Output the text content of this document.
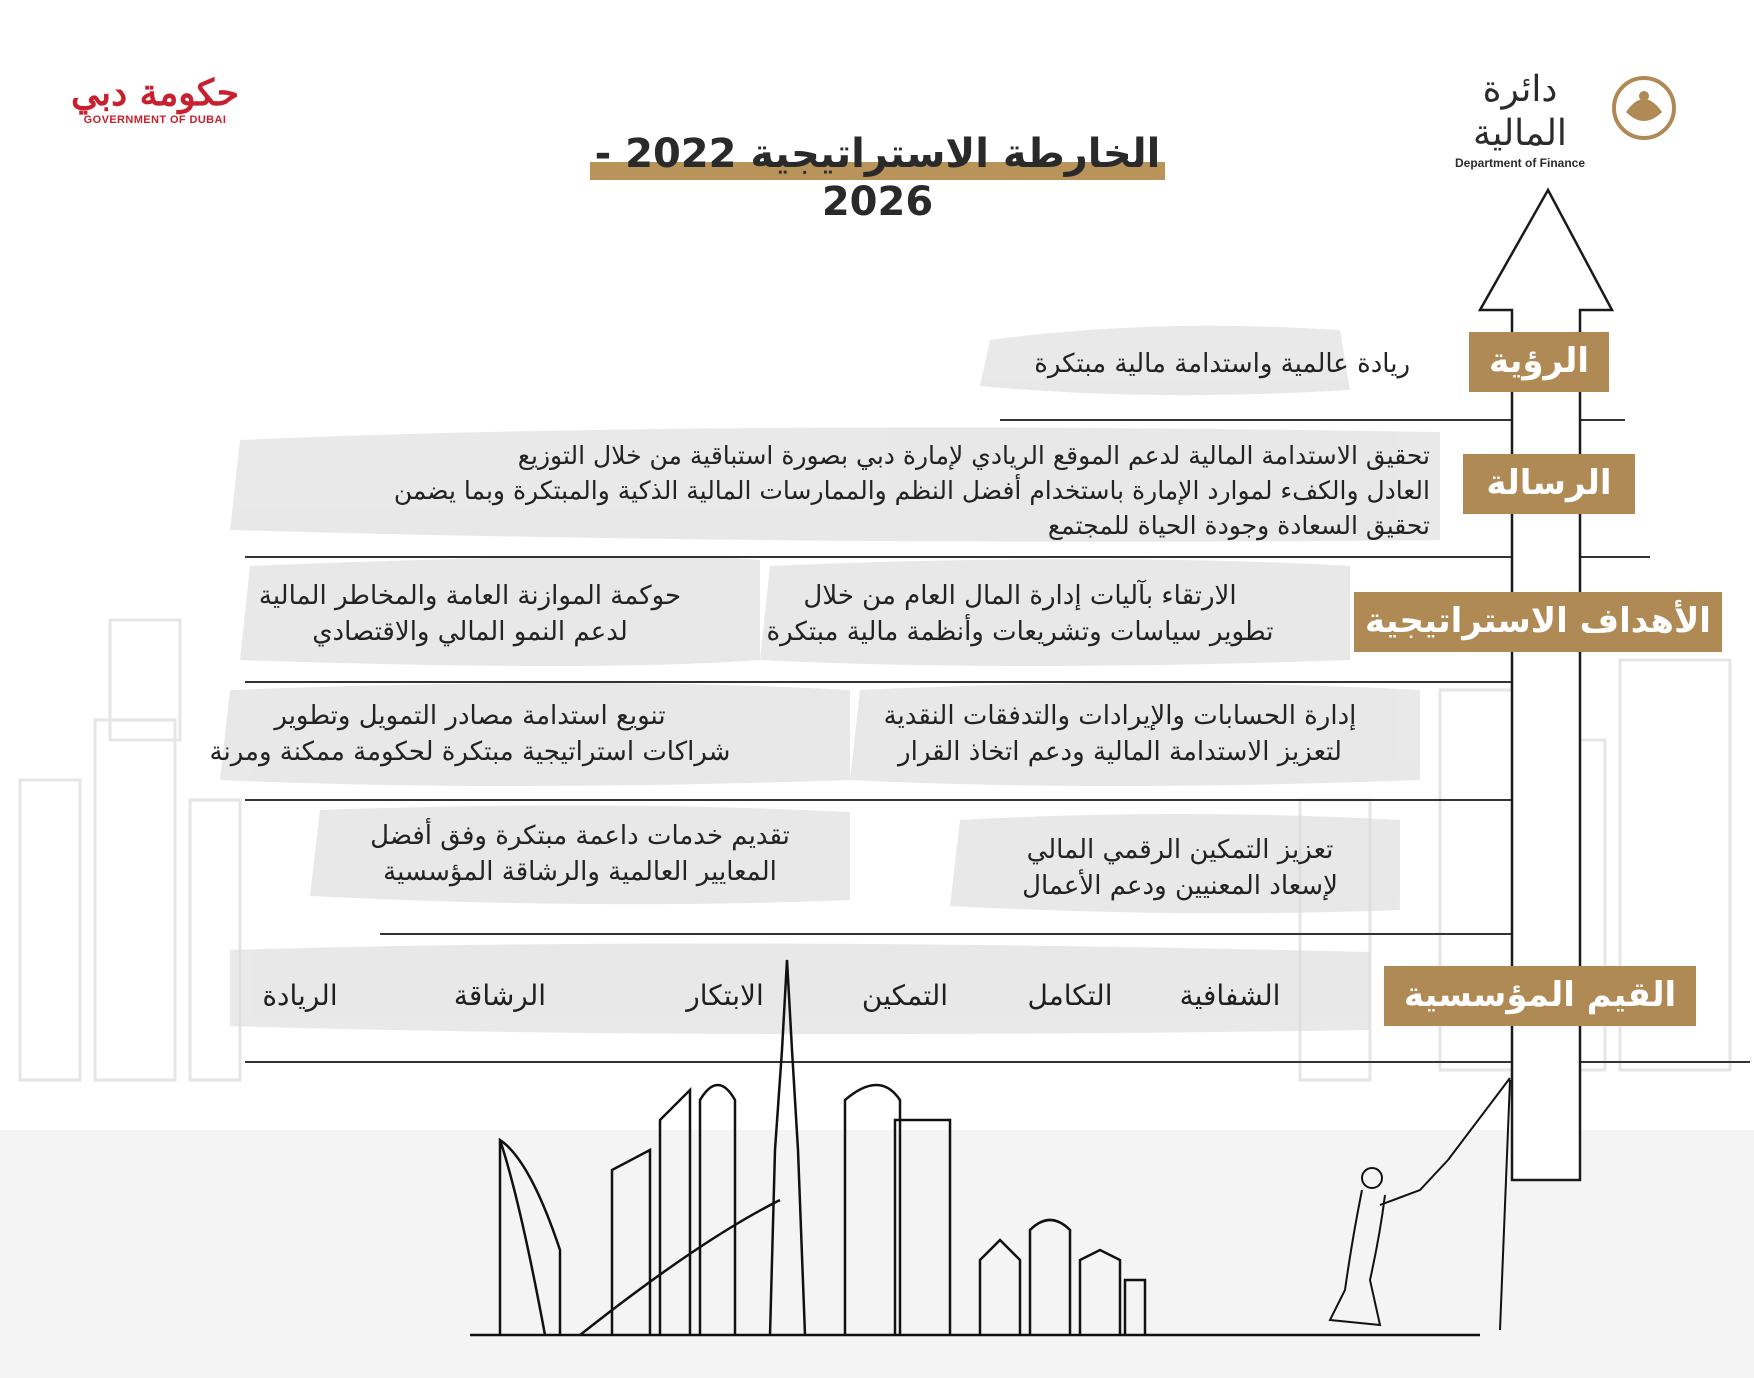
حكومة دبي
GOVERNMENT OF DUBAI
دائرة المالية
Department of Finance
الخارطة الاستراتيجية 2022 - 2026
الرؤية
ريادة عالمية واستدامة مالية مبتكرة
الرسالة
تحقيق الاستدامة المالية لدعم الموقع الريادي لإمارة دبي بصورة استباقية من خلال التوزيع
العادل والكفء لموارد الإمارة باستخدام أفضل النظم والممارسات المالية الذكية والمبتكرة وبما يضمن
تحقيق السعادة وجودة الحياة للمجتمع
الأهداف الاستراتيجية
الارتقاء بآليات إدارة المال العام من خلال
تطوير سياسات وتشريعات وأنظمة مالية مبتكرة
حوكمة الموازنة العامة والمخاطر المالية
لدعم النمو المالي والاقتصادي
إدارة الحسابات والإيرادات والتدفقات النقدية
لتعزيز الاستدامة المالية ودعم اتخاذ القرار
تنويع استدامة مصادر التمويل وتطوير
شراكات استراتيجية مبتكرة لحكومة ممكنة ومرنة
تعزيز التمكين الرقمي المالي
لإسعاد المعنيين ودعم الأعمال
تقديم خدمات داعمة مبتكرة وفق أفضل
المعايير العالمية والرشاقة المؤسسية
القيم المؤسسية
الشفافية
التكامل
التمكين
الابتكار
الرشاقة
الريادة
